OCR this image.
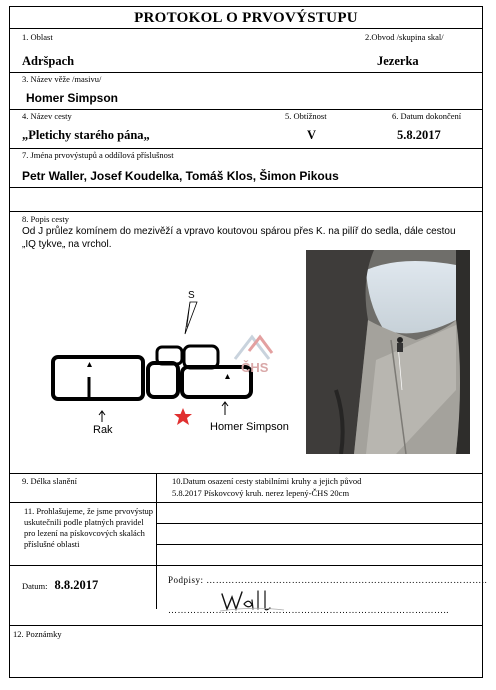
PROTOKOL O PRVOVÝSTUPU
1. Oblast	2.Obvod /skupina skal/
Adršpach	Jezerka
3. Název věže /masivu/
Homer Simpson
4. Název cesty	5. Obtížnost	6. Datum dokončení
„Pletichy starého pána„	V	5.8.2017
7. Jména prvovýstupů a oddílová příslušnost
Petr Waller, Josef Koudelka, Tomáš Klos, Šimon Pikous
8. Popis cesty
Od J průlez komínem do mezivěží a vpravo koutovou spárou přes K. na pilíř do sedla, dále cestou „IQ tykve„ na vrchol.
S
Rak	Homer Simpson
ČHS
9. Délka slanění	10.Datum osazení cesty stabilními kruhy a jejich původ
5.8.2017 Pískovcový kruh. nerez lepený-ČHS 20cm
11. Prohlašujeme, že jsme prvovýstup uskutečnili podle platných pravidel pro lezení na pískovcových skalách příslušné oblasti
Datum: 8.8.2017	Podpisy: ……………………………………………………………………………..
……………………………………………………………………………..
12. Poznámky
